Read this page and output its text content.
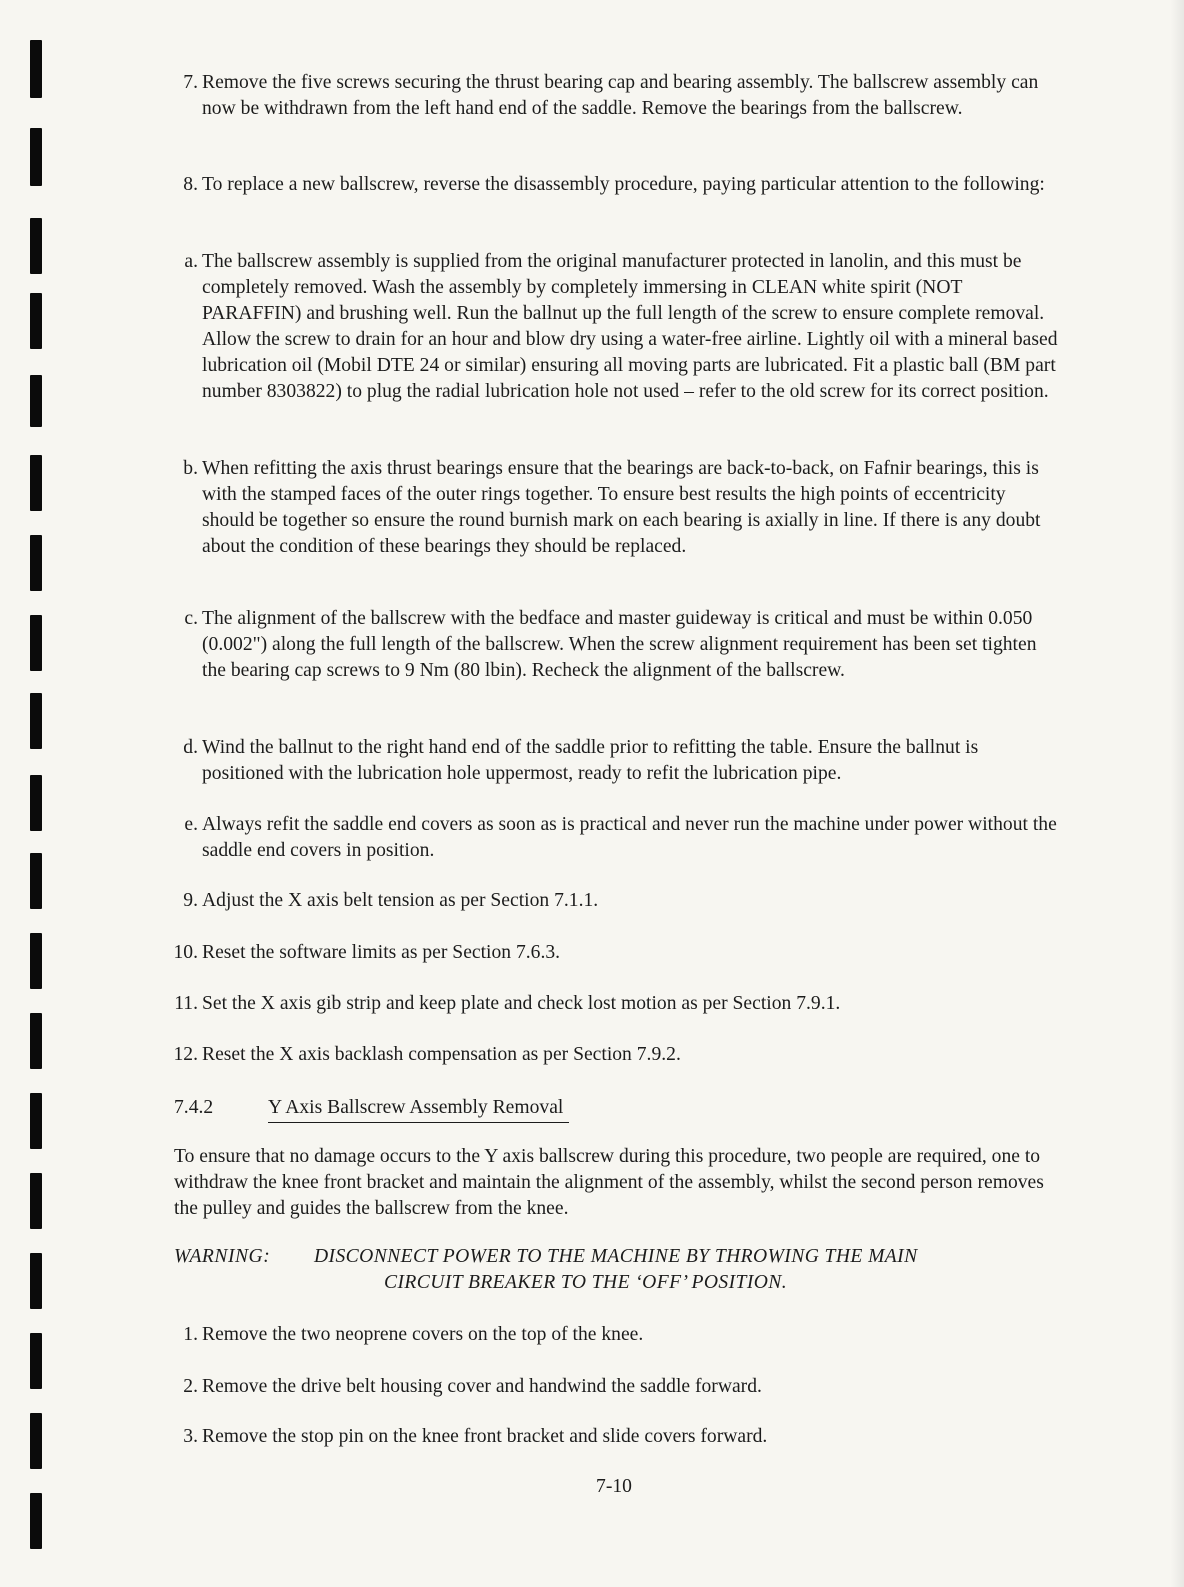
7. Remove the five screws securing the thrust bearing cap and bearing assembly. The ballscrew assembly can now be withdrawn from the left hand end of the saddle. Remove the bearings from the ballscrew.
8. To replace a new ballscrew, reverse the disassembly procedure, paying particular attention to the following:
a. The ballscrew assembly is supplied from the original manufacturer protected in lanolin, and this must be completely removed. Wash the assembly by completely immersing in CLEAN white spirit (NOT PARAFFIN) and brushing well. Run the ballnut up the full length of the screw to ensure complete removal. Allow the screw to drain for an hour and blow dry using a water-free airline. Lightly oil with a mineral based lubrication oil (Mobil DTE 24 or similar) ensuring all moving parts are lubricated. Fit a plastic ball (BM part number 8303822) to plug the radial lubrication hole not used – refer to the old screw for its correct position.
b. When refitting the axis thrust bearings ensure that the bearings are back-to-back, on Fafnir bearings, this is with the stamped faces of the outer rings together. To ensure best results the high points of eccentricity should be together so ensure the round burnish mark on each bearing is axially in line. If there is any doubt about the condition of these bearings they should be replaced.
c. The alignment of the ballscrew with the bedface and master guideway is critical and must be within 0.050 (0.002") along the full length of the ballscrew. When the screw alignment requirement has been set tighten the bearing cap screws to 9 Nm (80 lbin). Recheck the alignment of the ballscrew.
d. Wind the ballnut to the right hand end of the saddle prior to refitting the table. Ensure the ballnut is positioned with the lubrication hole uppermost, ready to refit the lubrication pipe.
e. Always refit the saddle end covers as soon as is practical and never run the machine under power without the saddle end covers in position.
9. Adjust the X axis belt tension as per Section 7.1.1.
10. Reset the software limits as per Section 7.6.3.
11. Set the X axis gib strip and keep plate and check lost motion as per Section 7.9.1.
12. Reset the X axis backlash compensation as per Section 7.9.2.
7.4.2	Y Axis Ballscrew Assembly Removal
To ensure that no damage occurs to the Y axis ballscrew during this procedure, two people are required, one to withdraw the knee front bracket and maintain the alignment of the assembly, whilst the second person removes the pulley and guides the ballscrew from the knee.
WARNING:	DISCONNECT POWER TO THE MACHINE BY THROWING THE MAIN
CIRCUIT BREAKER TO THE ‘OFF’ POSITION.
1. Remove the two neoprene covers on the top of the knee.
2. Remove the drive belt housing cover and handwind the saddle forward.
3. Remove the stop pin on the knee front bracket and slide covers forward.
7-10
